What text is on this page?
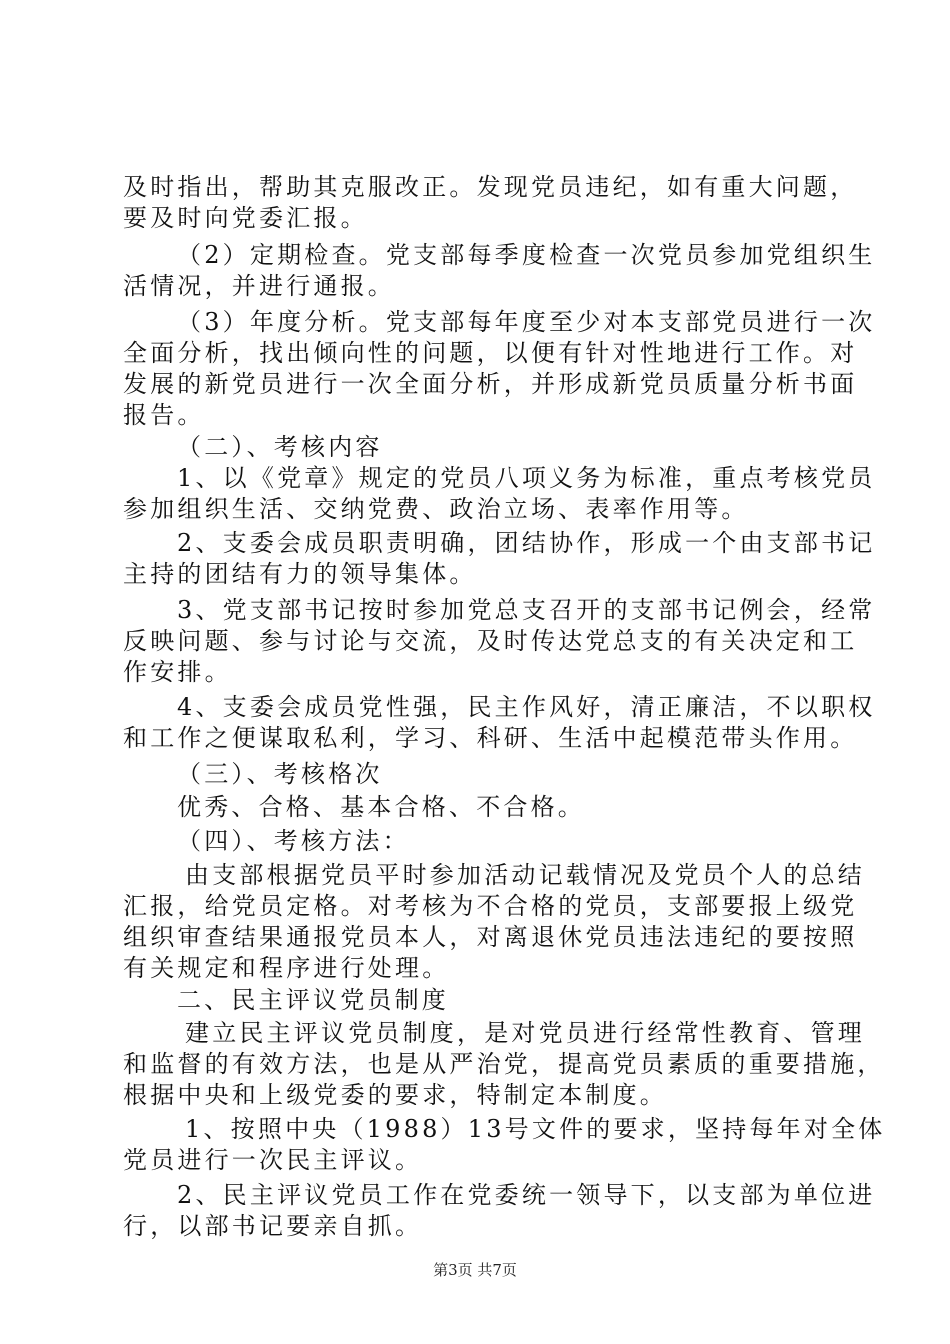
及时指出，帮助其克服改正。发现党员违纪，如有重大问题，
要及时向党委汇报。
（2）定期检查。党支部每季度检查一次党员参加党组织生
活情况，并进行通报。
（3）年度分析。党支部每年度至少对本支部党员进行一次
全面分析，找出倾向性的问题，以便有针对性地进行工作。对
发展的新党员进行一次全面分析，并形成新党员质量分析书面
报告。
（二）、考核内容
1、以《党章》规定的党员八项义务为标准，重点考核党员
参加组织生活、交纳党费、政治立场、表率作用等。
2、支委会成员职责明确，团结协作，形成一个由支部书记
主持的团结有力的领导集体。
3、党支部书记按时参加党总支召开的支部书记例会，经常
反映问题、参与讨论与交流，及时传达党总支的有关决定和工
作安排。
4、支委会成员党性强，民主作风好，清正廉洁，不以职权
和工作之便谋取私利，学习、科研、生活中起模范带头作用。
（三）、考核格次
优秀、合格、基本合格、不合格。
（四）、考核方法：
由支部根据党员平时参加活动记载情况及党员个人的总结
汇报，给党员定格。对考核为不合格的党员，支部要报上级党
组织审查结果通报党员本人，对离退休党员违法违纪的要按照
有关规定和程序进行处理。
二、民主评议党员制度
建立民主评议党员制度，是对党员进行经常性教育、管理
和监督的有效方法，也是从严治党，提高党员素质的重要措施，
根据中央和上级党委的要求，特制定本制度。
1、按照中央（1988）13号文件的要求，坚持每年对全体
党员进行一次民主评议。
2、民主评议党员工作在党委统一领导下，以支部为单位进
行，以部书记要亲自抓。
第3页 共7页
